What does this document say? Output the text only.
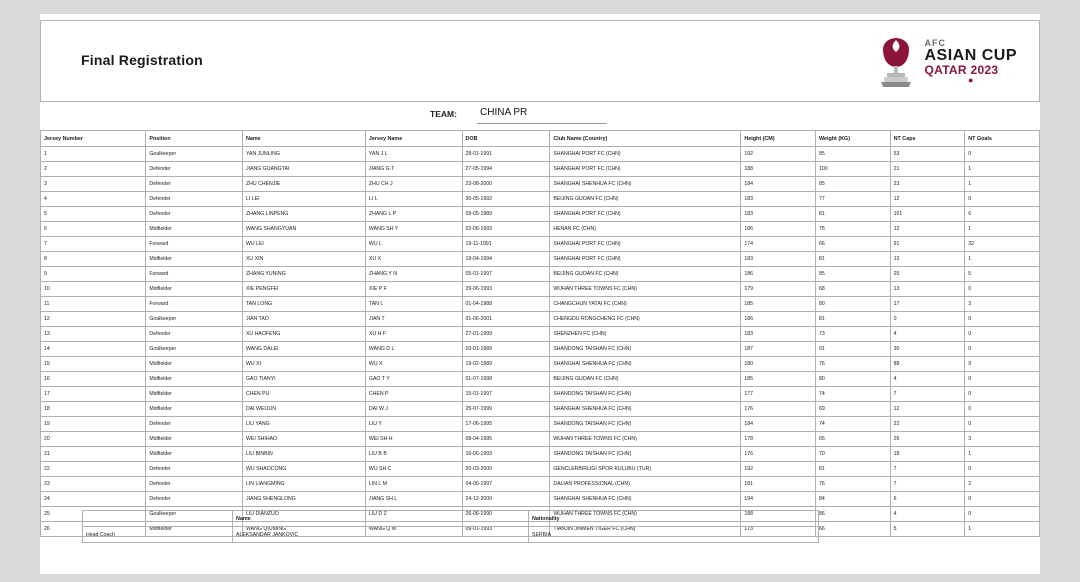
Final Registration
AFC
ASIAN CUP
QATAR 2023
●
TEAM: CHINA PR
Jersey Number	Position	Name	Jersey Name	DOB	Club Name (Country)	Height (CM)	Weight (KG)	NT Caps	NT Goals
1	Goalkeeper	YAN JUNLING	YAN J L	28-01-1991	SHANGHAI PORT FC (CHN)	192	85	53	0
2	Defender	JIANG GUANGTAI	JIANG G T	27-05-1994	SHANGHAI PORT FC (CHN)	188	100	21	1
3	Defender	ZHU CHENJIE	ZHU CH J	23-08-2000	SHANGHAI SHENHUA FC (CHN)	184	85	23	1
4	Defender	LI LEI	LI L	30-05-1992	BEIJING GUOAN FC (CHN)	183	77	12	0
5	Defender	ZHANG LINPENG	ZHANG L P	09-05-1989	SHANGHAI PORT FC (CHN)	183	81	101	6
6	Midfielder	WANG SHANGYUAN	WANG SH Y	02-06-1993	HENAN FC (CHN)	186	75	12	1
7	Forward	WU LEI	WU L	19-11-1991	SHANGHAI PORT FC (CHN)	174	66	91	32
8	Midfielder	XU XIN	XU X	19-04-1994	SHANGHAI PORT FC (CHN)	183	81	13	1
9	Forward	ZHANG YUNING	ZHANG Y N	05-01-1997	BEIJING GUOAN FC (CHN)	186	85	25	5
10	Midfielder	XIE PENGFEI	XIE P F	29-06-1993	WUHAN THREE TOWNS FC (CHN)	179	68	13	0
11	Forward	TAN LONG	TAN L	01-04-1988	CHANGCHUN YATAI FC (CHN)	185	80	17	3
12	Goalkeeper	JIAN TAO	JIAN T	01-06-2001	CHENGDU RONGCHENG FC (CHN)	186	81	0	0
13	Defender	XU HAOFENG	XU H F	27-01-1999	SHENZHEN FC (CHN)	183	73	4	0
14	Goalkeeper	WANG DALEI	WANG D L	10-01-1989	SHANDONG TAISHAN FC (CHN)	187	91	30	0
15	Midfielder	WU XI	WU X	19-02-1989	SHANGHAI SHENHUA FC (CHN)	180	76	88	9
16	Midfielder	GAO TIANYI	GAO T Y	01-07-1998	BEIJING GUOAN FC (CHN)	185	80	4	0
17	Midfielder	CHEN PU	CHEN P	15-01-1997	SHANDONG TAISHAN FC (CHN)	177	74	7	0
18	Midfielder	DAI WEIJUN	DAI W J	25-07-1999	SHANGHAI SHENHUA FC (CHN)	176	69	12	0
19	Defender	LIU YANG	LIU Y	17-06-1995	SHANDONG TAISHAN FC (CHN)	184	74	22	0
20	Midfielder	WEI SHIHAO	WEI SH H	08-04-1995	WUHAN THREE TOWNS FC (CHN)	178	65	26	3
21	Midfielder	LIU BINBIN	LIU B B	16-06-1993	SHANDONG TAISHAN FC (CHN)	176	70	18	1
22	Defender	WU SHAOCONG	WU SH C	20-03-2000	GENCLERBIRLIGI SPOR KULUBU (TUR)	192	81	7	0
23	Defender	LIN LIANGMING	LIN L M	04-06-1997	DALIAN PROFESSIONAL (CHN)	181	76	7	2
24	Defender	JIANG SHENGLONG	JIANG SH L	24-12-2000	SHANGHAI SHENHUA FC (CHN)	194	84	6	0
25	Goalkeeper	LIU DIANZUO	LIU D Z	26-06-1990	WUHAN THREE TOWNS FC (CHN)	188	86	4	0
26	Midfielder	WANG QIUMING	WANG Q M	09-01-1993	TIANJIN JINMEN TIGER FC (CHN)	173	66	5	1
	Name	Nationality
Head Coach	ALEKSANDAR JANKOVIC	SERBIA
